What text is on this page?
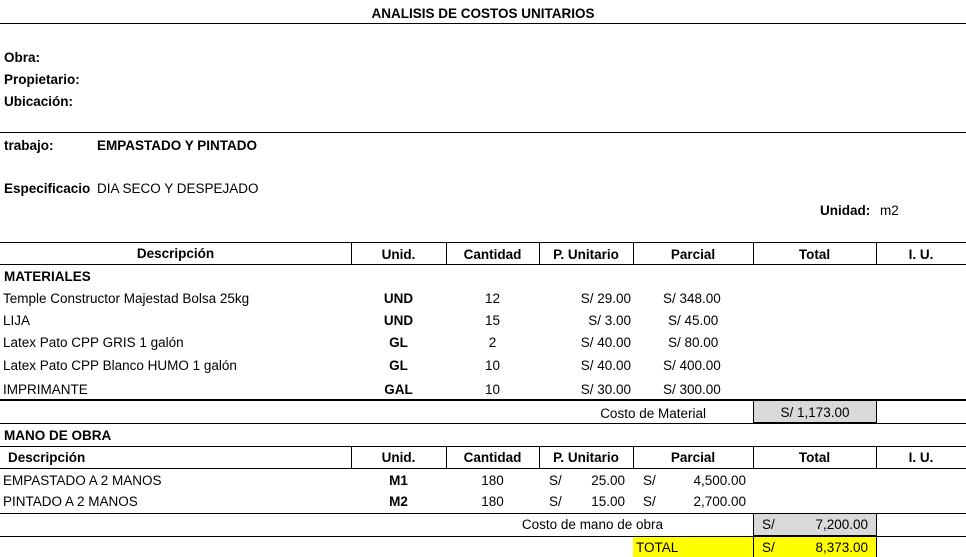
ANALISIS DE COSTOS UNITARIOS
Obra:
Propietario:
Ubicación:
trabajo:	EMPASTADO Y PINTADO
Especificacio DIA SECO Y DESPEJADO
Unidad: m2
Descripción	Unid.	Cantidad	P. Unitario	Parcial	Total	I. U.
MATERIALES
Temple Constructor Majestad Bolsa 25kg	UND	12	S/ 29.00 S/ 348.00
LIJA	UND	15	S/ 3.00	S/ 45.00
Latex Pato CPP GRIS 1 galón	GL	2	S/ 40.00	S/ 80.00
Latex Pato CPP Blanco HUMO 1 galón	GL	10	S/ 40.00 S/ 400.00
IMPRIMANTE	GAL	10	S/ 30.00 S/ 300.00
Costo de Material	S/ 1,173.00
MANO DE OBRA
Descripción	Unid.	Cantidad	P. Unitario	Parcial	Total	I. U.
EMPASTADO A 2 MANOS	M1	180	S/	25.00 S/	4,500.00
PINTADO A 2 MANOS	M2	180	S/	15.00 S/	2,700.00
Costo de mano de obra	S/	7,200.00
TOTAL	S/	8,373.00
